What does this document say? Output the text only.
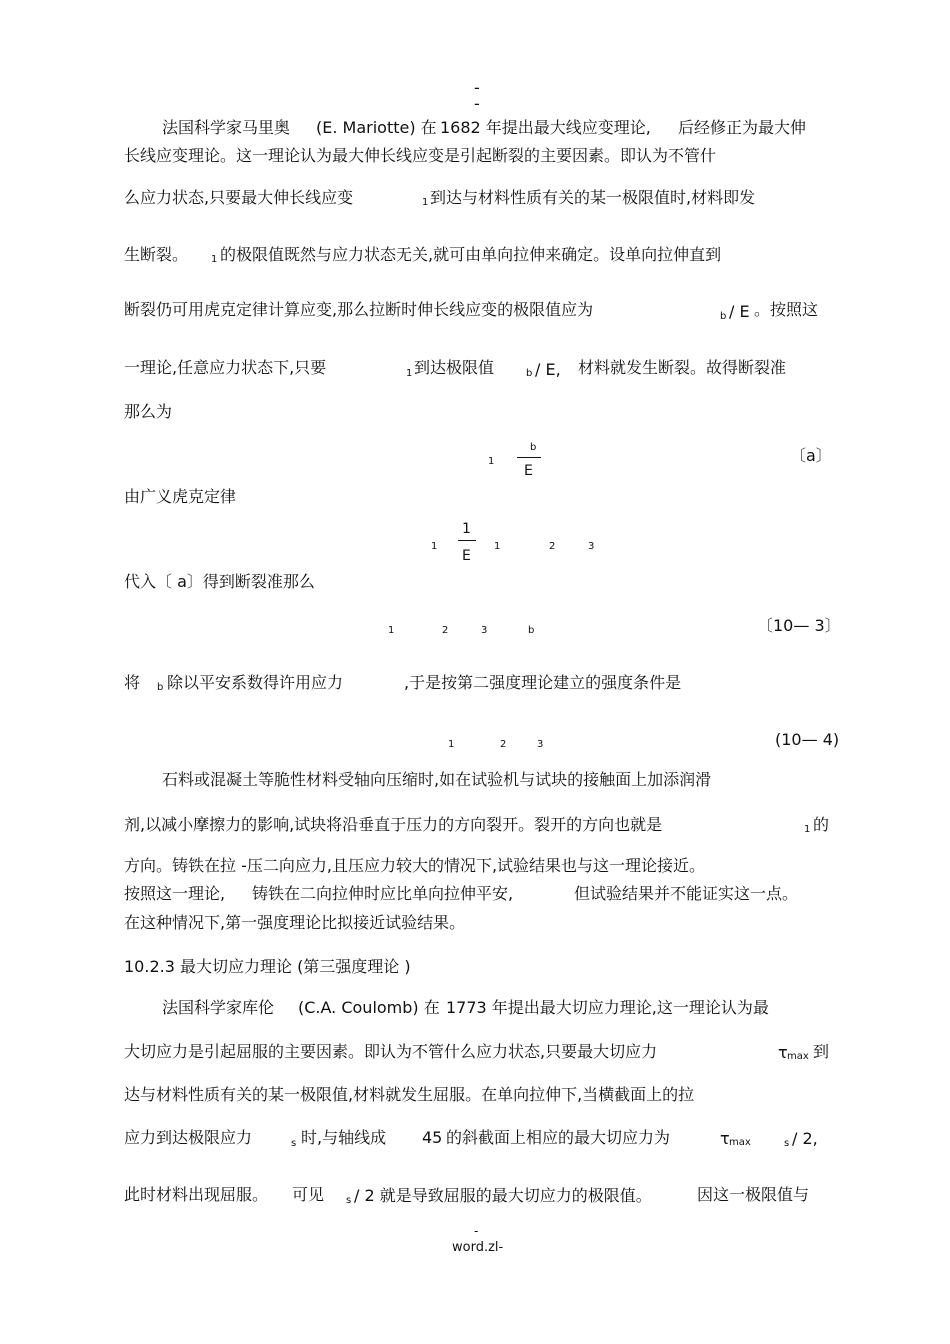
-
-
法国科学家马里奥 (E. Mariotte) 在 1682 年提出最大线应变理论, 后经修正为最大伸
长线应变理论。这一理论认为最大伸长线应变是引起断裂的主要因素。即认为不管什
么应力状态,只要最大伸长线应变	1 到达与材料性质有关的某一极限值时,材料即发
生断裂。 1 的极限值既然与应力状态无关,就可由单向拉伸来确定。设单向拉伸直到
断裂仍可用虎克定律计算应变,那么拉断时伸长线应变的极限值应为	b / E 。按照这
一理论,任意应力状态下,只要	1 到达极限值	b / E, 材料就发生断裂。故得断裂准
那么为
1
b
E
〔a〕
由广义虎克定律
1
1
E
1	2	3
代入〔 a〕得到断裂准那么
1	2	3	b	〔10— 3〕
将 b 除以平安系数得许用应力	,于是按第二强度理论建立的强度条件是
1	2	3	(10— 4)
石料或混凝土等脆性材料受轴向压缩时,如在试验机与试块的接触面上加添润滑
剂,以减小摩擦力的影响,试块将沿垂直于压力的方向裂开。裂开的方向也就是	1 的
方向。铸铁在拉 -压二向应力,且压应力较大的情况下,试验结果也与这一理论接近。
按照这一理论, 铸铁在二向拉伸时应比单向拉伸平安,	但试验结果并不能证实这一点。
在这种情况下,第一强度理论比拟接近试验结果。
10.2.3 最大切应力理论 (第三强度理论 )
法国科学家库伦 (C.A. Coulomb) 在 1773 年提出最大切应力理论,这一理论认为最
大切应力是引起屈服的主要因素。即认为不管什么应力状态,只要最大切应力	τ max 到
达与材料性质有关的某一极限值,材料就发生屈服。在单向拉伸下,当横截面上的拉
应力到达极限应力	s 时,与轴线成 45 的斜截面上相应的最大切应力为	τ max	s / 2,
此时材料出现屈服。 可见 s / 2 就是导致屈服的最大切应力的极限值。	因这一极限值与
-
word.zl-
